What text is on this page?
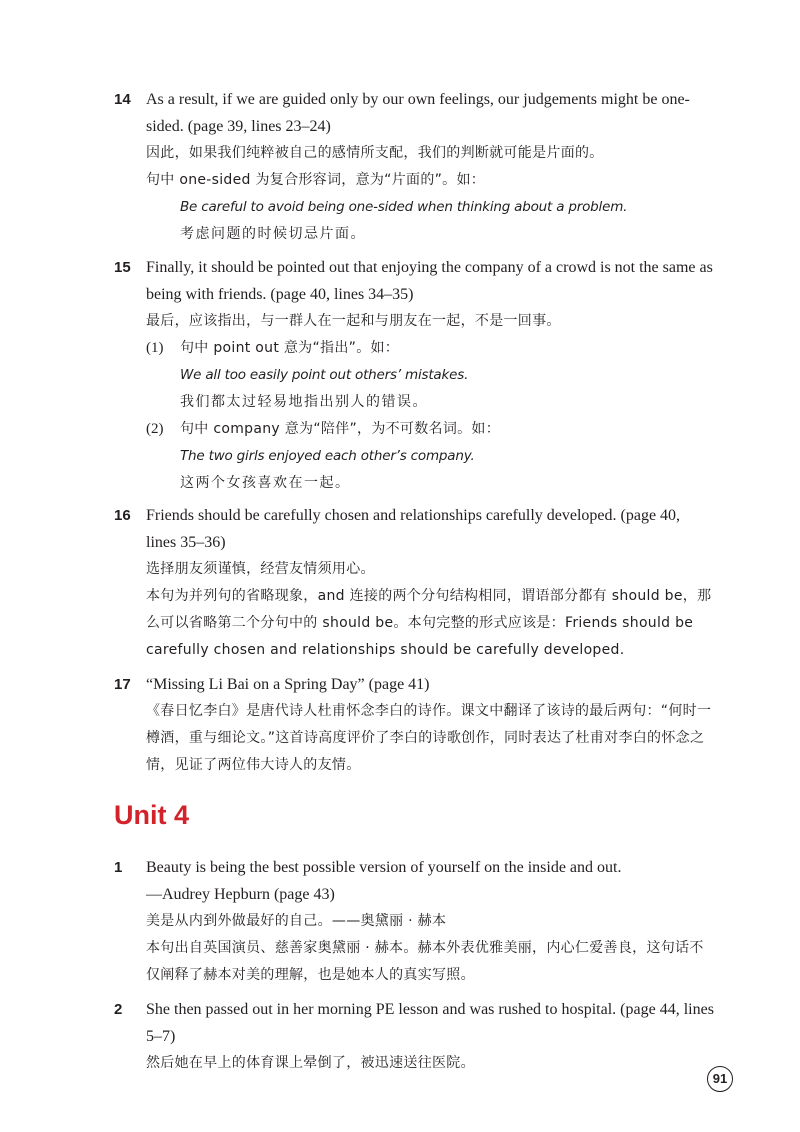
14 As a result, if we are guided only by our own feelings, our judgements might be one-sided. (page 39, lines 23–24)

因此，如果我们纯粹被自己的感情所支配，我们的判断就可能是片面的。

句中 one-sided 为复合形容词，意为“片面的”。如：

Be careful to avoid being one-sided when thinking about a problem.

考虑问题的时候切忌片面。

15 Finally, it should be pointed out that enjoying the company of a crowd is not the same as being with friends. (page 40, lines 34–35)

最后，应该指出，与一群人在一起和与朋友在一起，不是一回事。

(1) 句中 point out 意为“指出”。如：

We all too easily point out others’ mistakes.

我们都太过轻易地指出别人的错误。

(2) 句中 company 意为“陪伴”，为不可数名词。如：

The two girls enjoyed each other’s company.

这两个女孩喜欢在一起。

16 Friends should be carefully chosen and relationships carefully developed. (page 40, lines 35–36)

选择朋友须谨慎，经营友情须用心。

本句为并列句的省略现象，and 连接的两个分句结构相同，谓语部分都有 should be，那么可以省略第二个分句中的 should be。本句完整的形式应该是：Friends should be carefully chosen and relationships should be carefully developed.

17 “Missing Li Bai on a Spring Day” (page 41)

《春日忆李白》是唐代诗人杜甫怀念李白的诗作。课文中翻译了该诗的最后两句：“何时一樽酒，重与细论文。”这首诗高度评价了李白的诗歌创作，同时表达了杜甫对李白的怀念之情，见证了两位伟大诗人的友情。

Unit 4
1 Beauty is being the best possible version of yourself on the inside and out.

—Audrey Hepburn (page 43)

美是从内到外做最好的自己。——奥黛丽 · 赫本

本句出自英国演员、慈善家奥黛丽 · 赫本。赫本外表优雅美丽，内心仁爱善良，这句话不仅阐释了赫本对美的理解，也是她本人的真实写照。

2 She then passed out in her morning PE lesson and was rushed to hospital. (page 44, lines 5–7)

然后她在早上的体育课上晕倒了，被迅速送往医院。

91
